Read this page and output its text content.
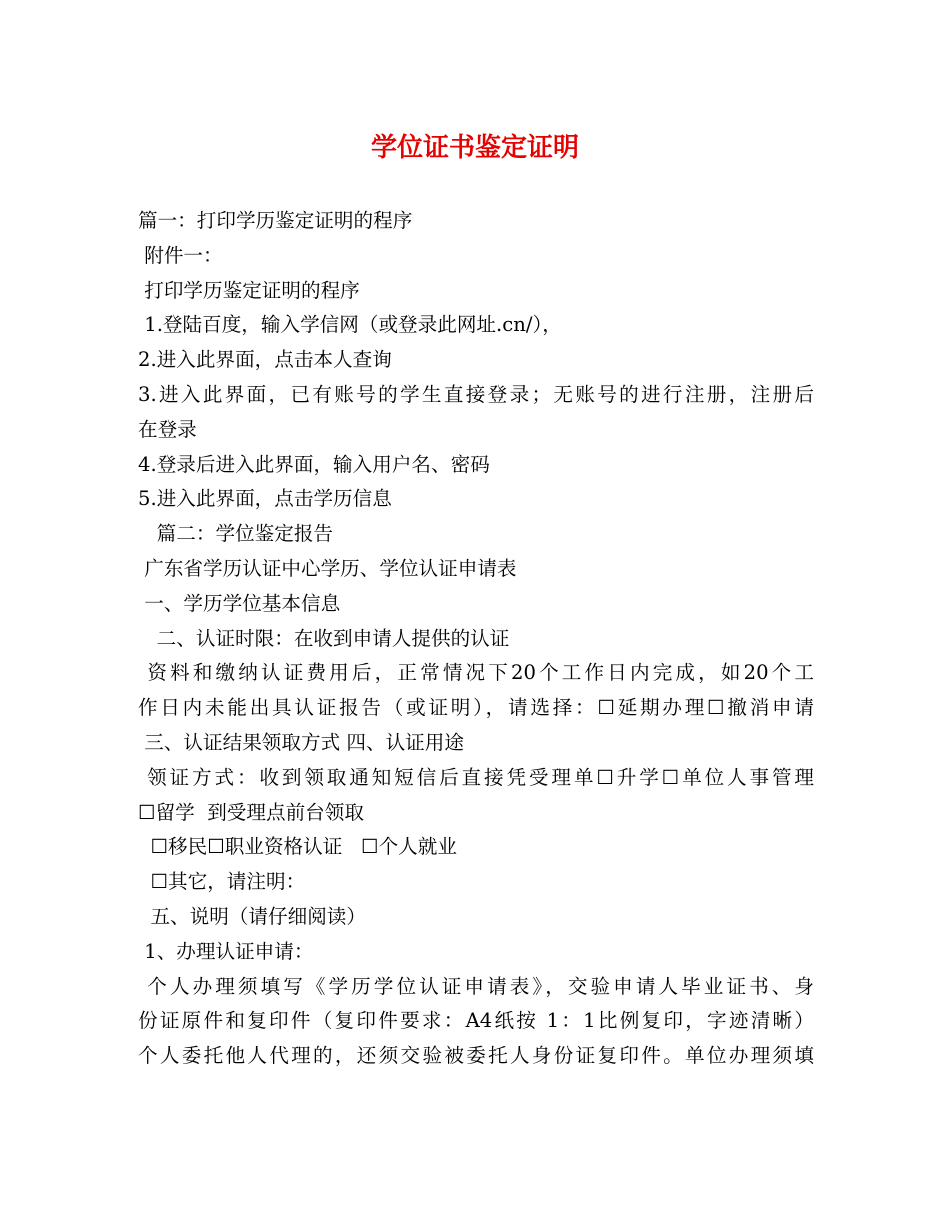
学位证书鉴定证明
篇一：打印学历鉴定证明的程序
附件一：
打印学历鉴定证明的程序
1.登陆百度，输入学信网（或登录此网址.cn/），
2.进入此界面，点击本人查询
3.进入此界面，已有账号的学生直接登录；无账号的进行注册，注册后
在登录
4.登录后进入此界面，输入用户名、密码
5.进入此界面，点击学历信息
篇二：学位鉴定报告
广东省学历认证中心学历、学位认证申请表
一、学历学位基本信息
二、认证时限：在收到申请人提供的认证
资料和缴纳认证费用后，正常情况下20个工作日内完成，如20个工
作日内未能出具认证报告（或证明），请选择：☐延期办理☐撤消申请
三、认证结果领取方式 四、认证用途
领证方式：收到领取通知短信后直接凭受理单☐升学☐单位人事管理
☐留学  到受理点前台领取
☐移民☐职业资格认证   ☐个人就业
☐其它，请注明：
五、说明（请仔细阅读）
1、办理认证申请：
个人办理须填写《学历学位认证申请表》，交验申请人毕业证书、身
份证原件和复印件（复印件要求：A4纸按 1：1比例复印，字迹清晰）
个人委托他人代理的，还须交验被委托人身份证复印件。单位办理须填
